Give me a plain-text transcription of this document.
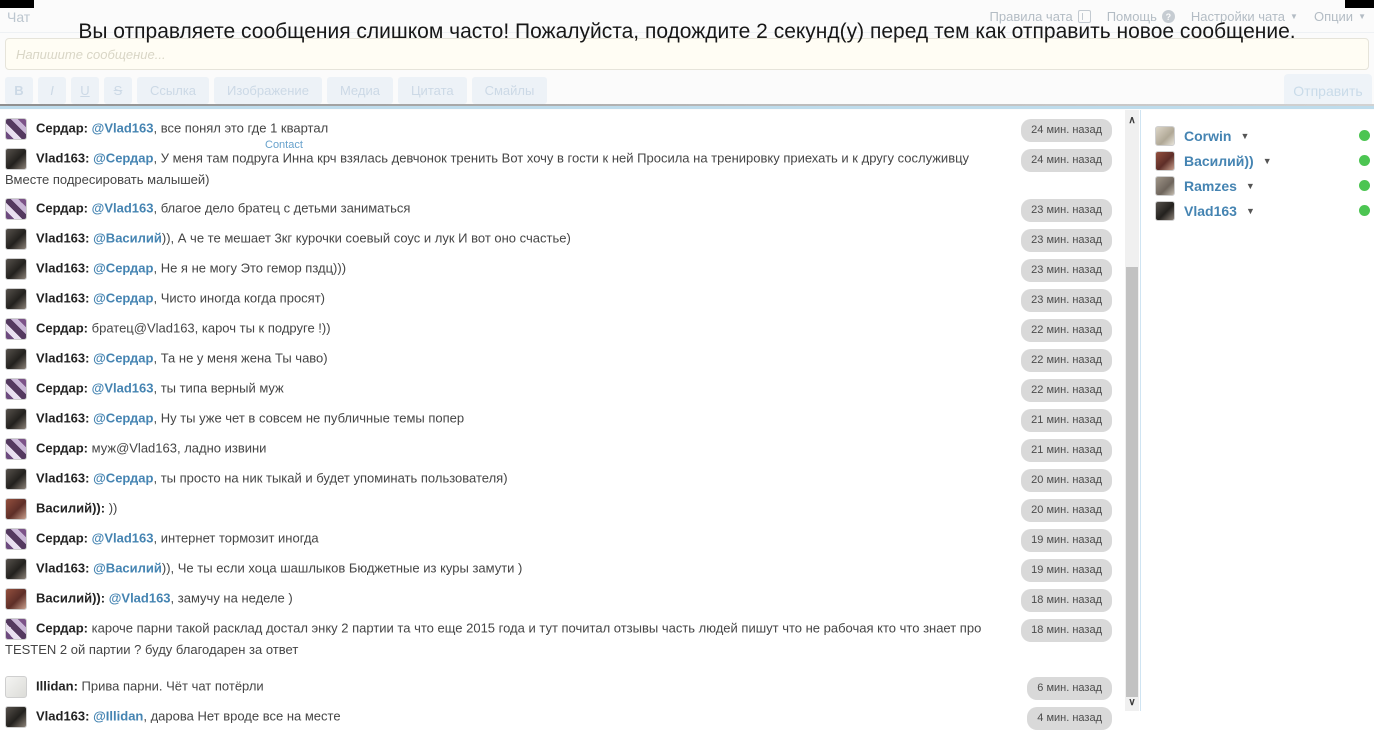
Чат	Правила чата	Помощь ? Настройки чата ▼ Опции ▼
Напишите сообщение...
B	I	U	S	Ссылка	Изображение	Медиа	Цитата	Смайлы	Отправить
Вы отправляете сообщения слишком часто! Пожалуйста, подождите 2 секунд(у) перед тем как отправить новое сообщение.
Contact
Сердар: @Vlad163, все понял это где 1 квартал	24 мин. назад
Vlad163: @Сердар, У меня там подруга Инна крч взялась девчонок тренить Вот хочу в гости к ней Просила на тренировку приехать и к другу сослуживцу Вместе подресировать малышей)
24 мин. назад
Сердар: @Vlad163, благое дело братец с детьми заниматься	23 мин. назад
Vlad163: @Василий)), А че те мешает 3кг курочки соевый соус и лук И вот оно счастье)	23 мин. назад
Vlad163: @Сердар, Не я не могу Это гемор пздц)))	23 мин. назад
Vlad163: @Сердар, Чисто иногда когда просят)	23 мин. назад
Сердар: братец@Vlad163, кароч ты к подруге !))	22 мин. назад
Vlad163: @Сердар, Та не у меня жена Ты чаво)	22 мин. назад
Сердар: @Vlad163, ты типа верный муж	22 мин. назад
Vlad163: @Сердар, Ну ты уже чет в совсем не публичные темы попер	21 мин. назад
Сердар: муж@Vlad163, ладно извини	21 мин. назад
Vlad163: @Сердар, ты просто на ник тыкай и будет упоминать пользователя)	20 мин. назад
Василий)): ))	20 мин. назад
Сердар: @Vlad163, интернет тормозит иногда	19 мин. назад
Vlad163: @Василий)), Че ты если хоца шашлыков Бюджетные из куры замути )	19 мин. назад
Василий)): @Vlad163, замучу на неделе )	18 мин. назад
Сердар: кароче парни такой расклад достал энку 2 партии та что еще 2015 года и тут почитал отзывы часть людей пишут что не рабочая кто что знает про TESTEN 2 ой партии ? буду благодарен за ответ
18 мин. назад
Illidan: Прива парни. Чёт чат потёрли	6 мин. назад
Vlad163: @Illidan, дарова Нет вроде все на месте	4 мин. назад
∧
∨
Corwin ▼
Василий)) ▼
Ramzes ▼
Vlad163 ▼
